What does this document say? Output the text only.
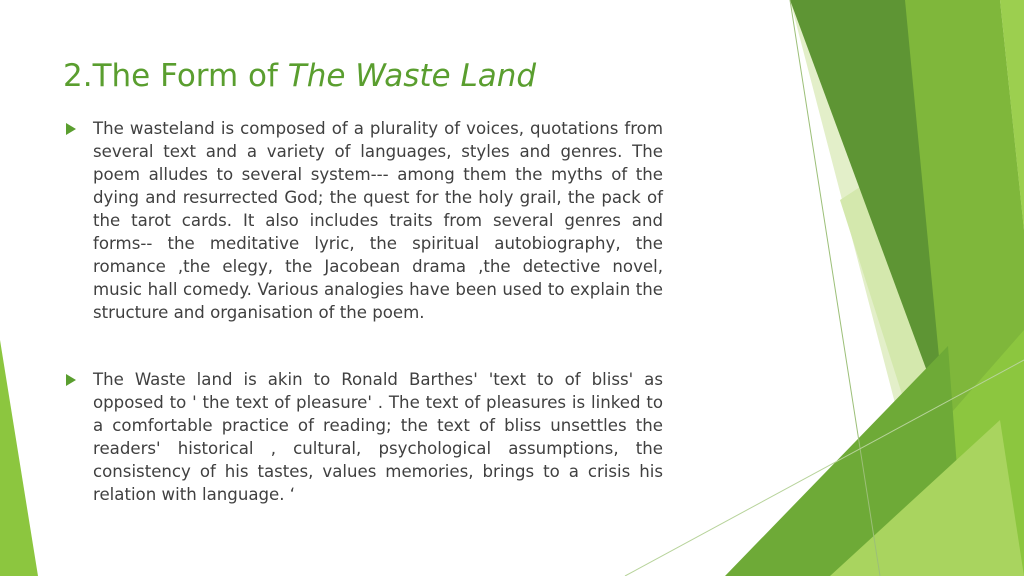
2.The Form of The Waste Land
The wasteland is composed of a plurality of voices, quotations from several text and a variety of languages, styles and genres. The poem alludes to several system--- among them the myths of the dying and resurrected God; the quest for the holy grail, the pack of the tarot cards. It also includes traits from several genres and forms-- the meditative lyric, the spiritual autobiography, the romance ,the elegy, the Jacobean drama ,the detective novel, music hall comedy. Various analogies have been used to explain the structure and organisation of the poem.
The Waste land is akin to Ronald Barthes' 'text to of bliss' as opposed to ' the text of pleasure' . The text of pleasures is linked to a comfortable practice of reading; the text of bliss unsettles the readers' historical , cultural, psychological assumptions, the consistency of his tastes, values memories, brings to a crisis his relation with language. ‘
